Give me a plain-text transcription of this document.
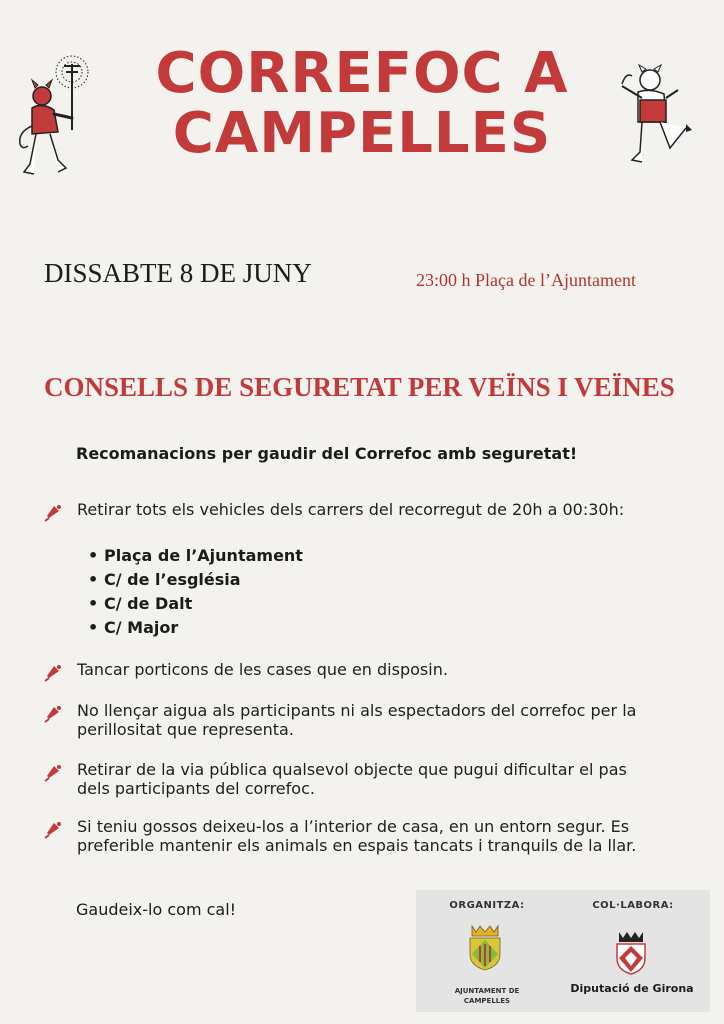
CORREFOC A
CAMPELLES
DISSABTE 8 DE JUNY	23:00 h Plaça de l’Ajuntament
CONSELLS DE SEGURETAT PER VEÏNS I VEÏNES
Recomanacions per gaudir del Correfoc amb seguretat!
Retirar tots els vehicles dels carrers del recorregut de 20h a 00:30h:
• Plaça de l’Ajuntament
• C/ de l’església
• C/ de Dalt
• C/ Major
Tancar porticons de les cases que en disposin.
No llençar aigua als participants ni als espectadors del correfoc per la
perillositat que representa.
Retirar de la via pública qualsevol objecte que pugui dificultar el pas
dels participants del correfoc.
Si teniu gossos deixeu-los a l’interior de casa, en un entorn segur. Es
preferible mantenir els animals en espais tancats i tranquils de la llar.
Gaudeix-lo com cal!	ORGANITZA:	COL·LABORA:
AJUNTAMENT DE
CAMPELLES
Diputació de Girona
